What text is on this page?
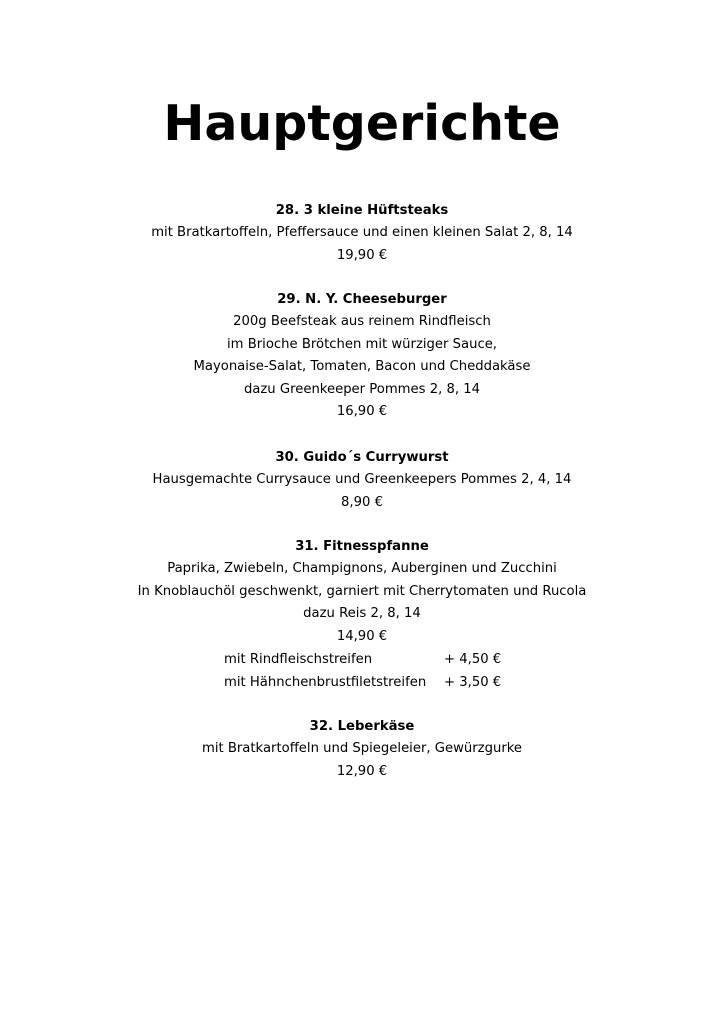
Hauptgerichte
28. 3 kleine Hüftsteaks
mit Bratkartoffeln, Pfeffersauce und einen kleinen Salat 2, 8, 14
19,90 €
29. N. Y. Cheeseburger
200g Beefsteak aus reinem Rindfleisch
im Brioche Brötchen mit würziger Sauce,
Mayonaise-Salat, Tomaten, Bacon und Cheddakäse
dazu Greenkeeper Pommes 2, 8, 14
16,90 €
30. Guido´s Currywurst
Hausgemachte Currysauce und Greenkeepers Pommes 2, 4, 14
8,90 €
31. Fitnesspfanne
Paprika, Zwiebeln, Champignons, Auberginen und Zucchini
In Knoblauchöl geschwenkt, garniert mit Cherrytomaten und Rucola
dazu Reis 2, 8, 14
14,90 €
mit Rindfleischstreifen	+ 4,50 €
mit Hähnchenbrustfiletstreifen + 3,50 €
32. Leberkäse
mit Bratkartoffeln und Spiegeleier, Gewürzgurke
12,90 €
